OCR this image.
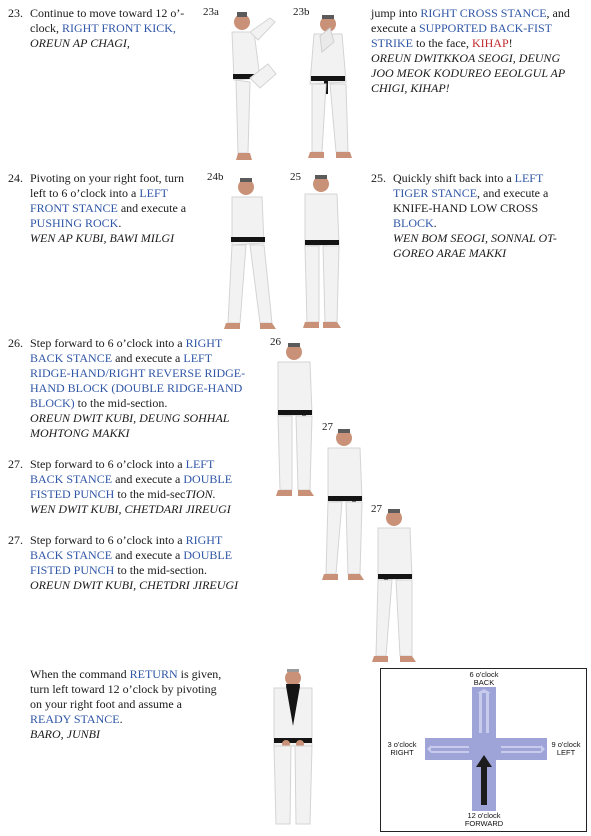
23. Continue to move toward 12 o’-
clock, RIGHT FRONT KICK,
OREUN AP CHAGI,
23a	23b	jump into RIGHT CROSS STANCE, and
execute a SUPPORTED BACK-FIST
STRIKE to the face, KIHAP!
OREUN DWITKKOA SEOGI, DEUNG
JOO MEOK KODUREO EEOLGUL AP
CHIGI, KIHAP!
24. Pivoting on your right foot, turn
left to 6 o’clock into a LEFT
FRONT STANCE and execute a
PUSHING ROCK.
WEN AP KUBI, BAWI MILGI
24b	25	25. Quickly shift back into a LEFT
TIGER STANCE, and execute a
KNIFE-HAND LOW CROSS
BLOCK.
WEN BOM SEOGI, SONNAL OT-
GOREO ARAE MAKKI
26. Step forward to 6 o’clock into a RIGHT
BACK STANCE and execute a LEFT
RIDGE-HAND/RIGHT REVERSE RIDGE-
HAND BLOCK (DOUBLE RIDGE-HAND
BLOCK) to the mid-section.
OREUN DWIT KUBI, DEUNG SOHHAL
MOHTONG MAKKI
26
27
27. Step forward to 6 o’clock into a LEFT
BACK STANCE and execute a DOUBLE
FISTED PUNCH to the mid-secTION.
WEN DWIT KUBI, CHETDARI JIREUGI	27
27. Step forward to 6 o’clock into a RIGHT
BACK STANCE and execute a DOUBLE
FISTED PUNCH to the mid-section.
OREUN DWIT KUBI, CHETDRI JIREUGI
When the command RETURN is given,
turn left toward 12 o’clock by pivoting
on your right foot and assume a
READY STANCE.
BARO, JUNBI
6 o'clock
BACK
3 o'clock
RIGHT
9 o'clock
LEFT
12 o'clock
FORWARD
